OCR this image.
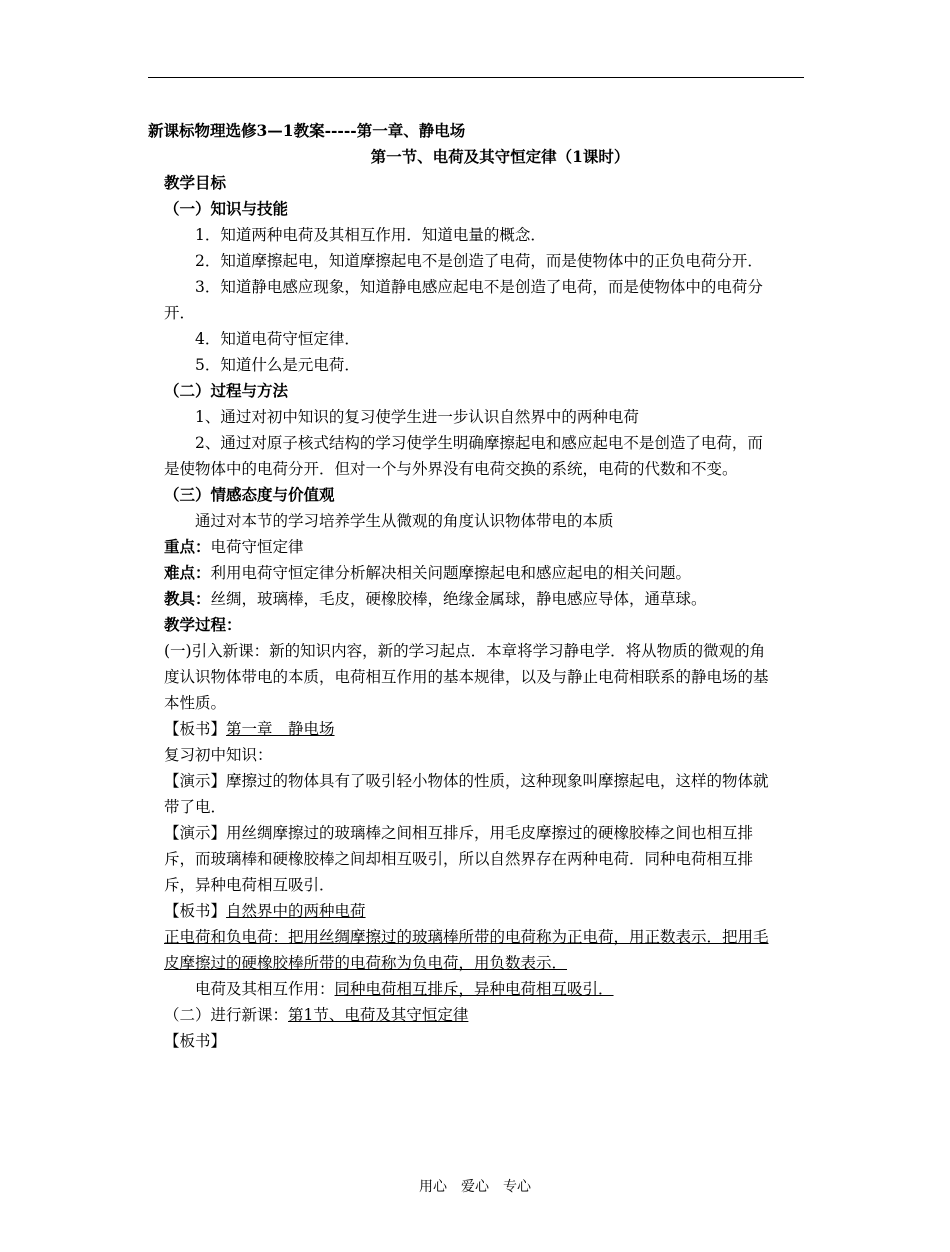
新课标物理选修3—1教案-----第一章、静电场

第一节、电荷及其守恒定律（1课时）

教学目标

（一）知识与技能

1．知道两种电荷及其相互作用．知道电量的概念．

2．知道摩擦起电，知道摩擦起电不是创造了电荷，而是使物体中的正负电荷分开．

3．知道静电感应现象，知道静电感应起电不是创造了电荷，而是使物体中的电荷分开．

4．知道电荷守恒定律．

5．知道什么是元电荷．

（二）过程与方法

1、通过对初中知识的复习使学生进一步认识自然界中的两种电荷

2、通过对原子核式结构的学习使学生明确摩擦起电和感应起电不是创造了电荷，而是使物体中的电荷分开．但对一个与外界没有电荷交换的系统，电荷的代数和不变。

（三）情感态度与价值观

通过对本节的学习培养学生从微观的角度认识物体带电的本质

重点：电荷守恒定律

难点：利用电荷守恒定律分析解决相关问题摩擦起电和感应起电的相关问题。

教具：丝绸，玻璃棒，毛皮，硬橡胶棒，绝缘金属球，静电感应导体，通草球。

教学过程：

(一)引入新课：新的知识内容，新的学习起点．本章将学习静电学．将从物质的微观的角度认识物体带电的本质，电荷相互作用的基本规律，以及与静止电荷相联系的静电场的基本性质。

【板书】第一章　静电场

复习初中知识：

【演示】摩擦过的物体具有了吸引轻小物体的性质，这种现象叫摩擦起电，这样的物体就带了电．

【演示】用丝绸摩擦过的玻璃棒之间相互排斥，用毛皮摩擦过的硬橡胶棒之间也相互排斥，而玻璃棒和硬橡胶棒之间却相互吸引，所以自然界存在两种电荷．同种电荷相互排斥，异种电荷相互吸引．

【板书】自然界中的两种电荷

正电荷和负电荷：把用丝绸摩擦过的玻璃棒所带的电荷称为正电荷，用正数表示．把用毛皮摩擦过的硬橡胶棒所带的电荷称为负电荷，用负数表示．

电荷及其相互作用：同种电荷相互排斥，异种电荷相互吸引．

（二）进行新课：第1节、电荷及其守恒定律

【板书】

用心　爱心　专心
